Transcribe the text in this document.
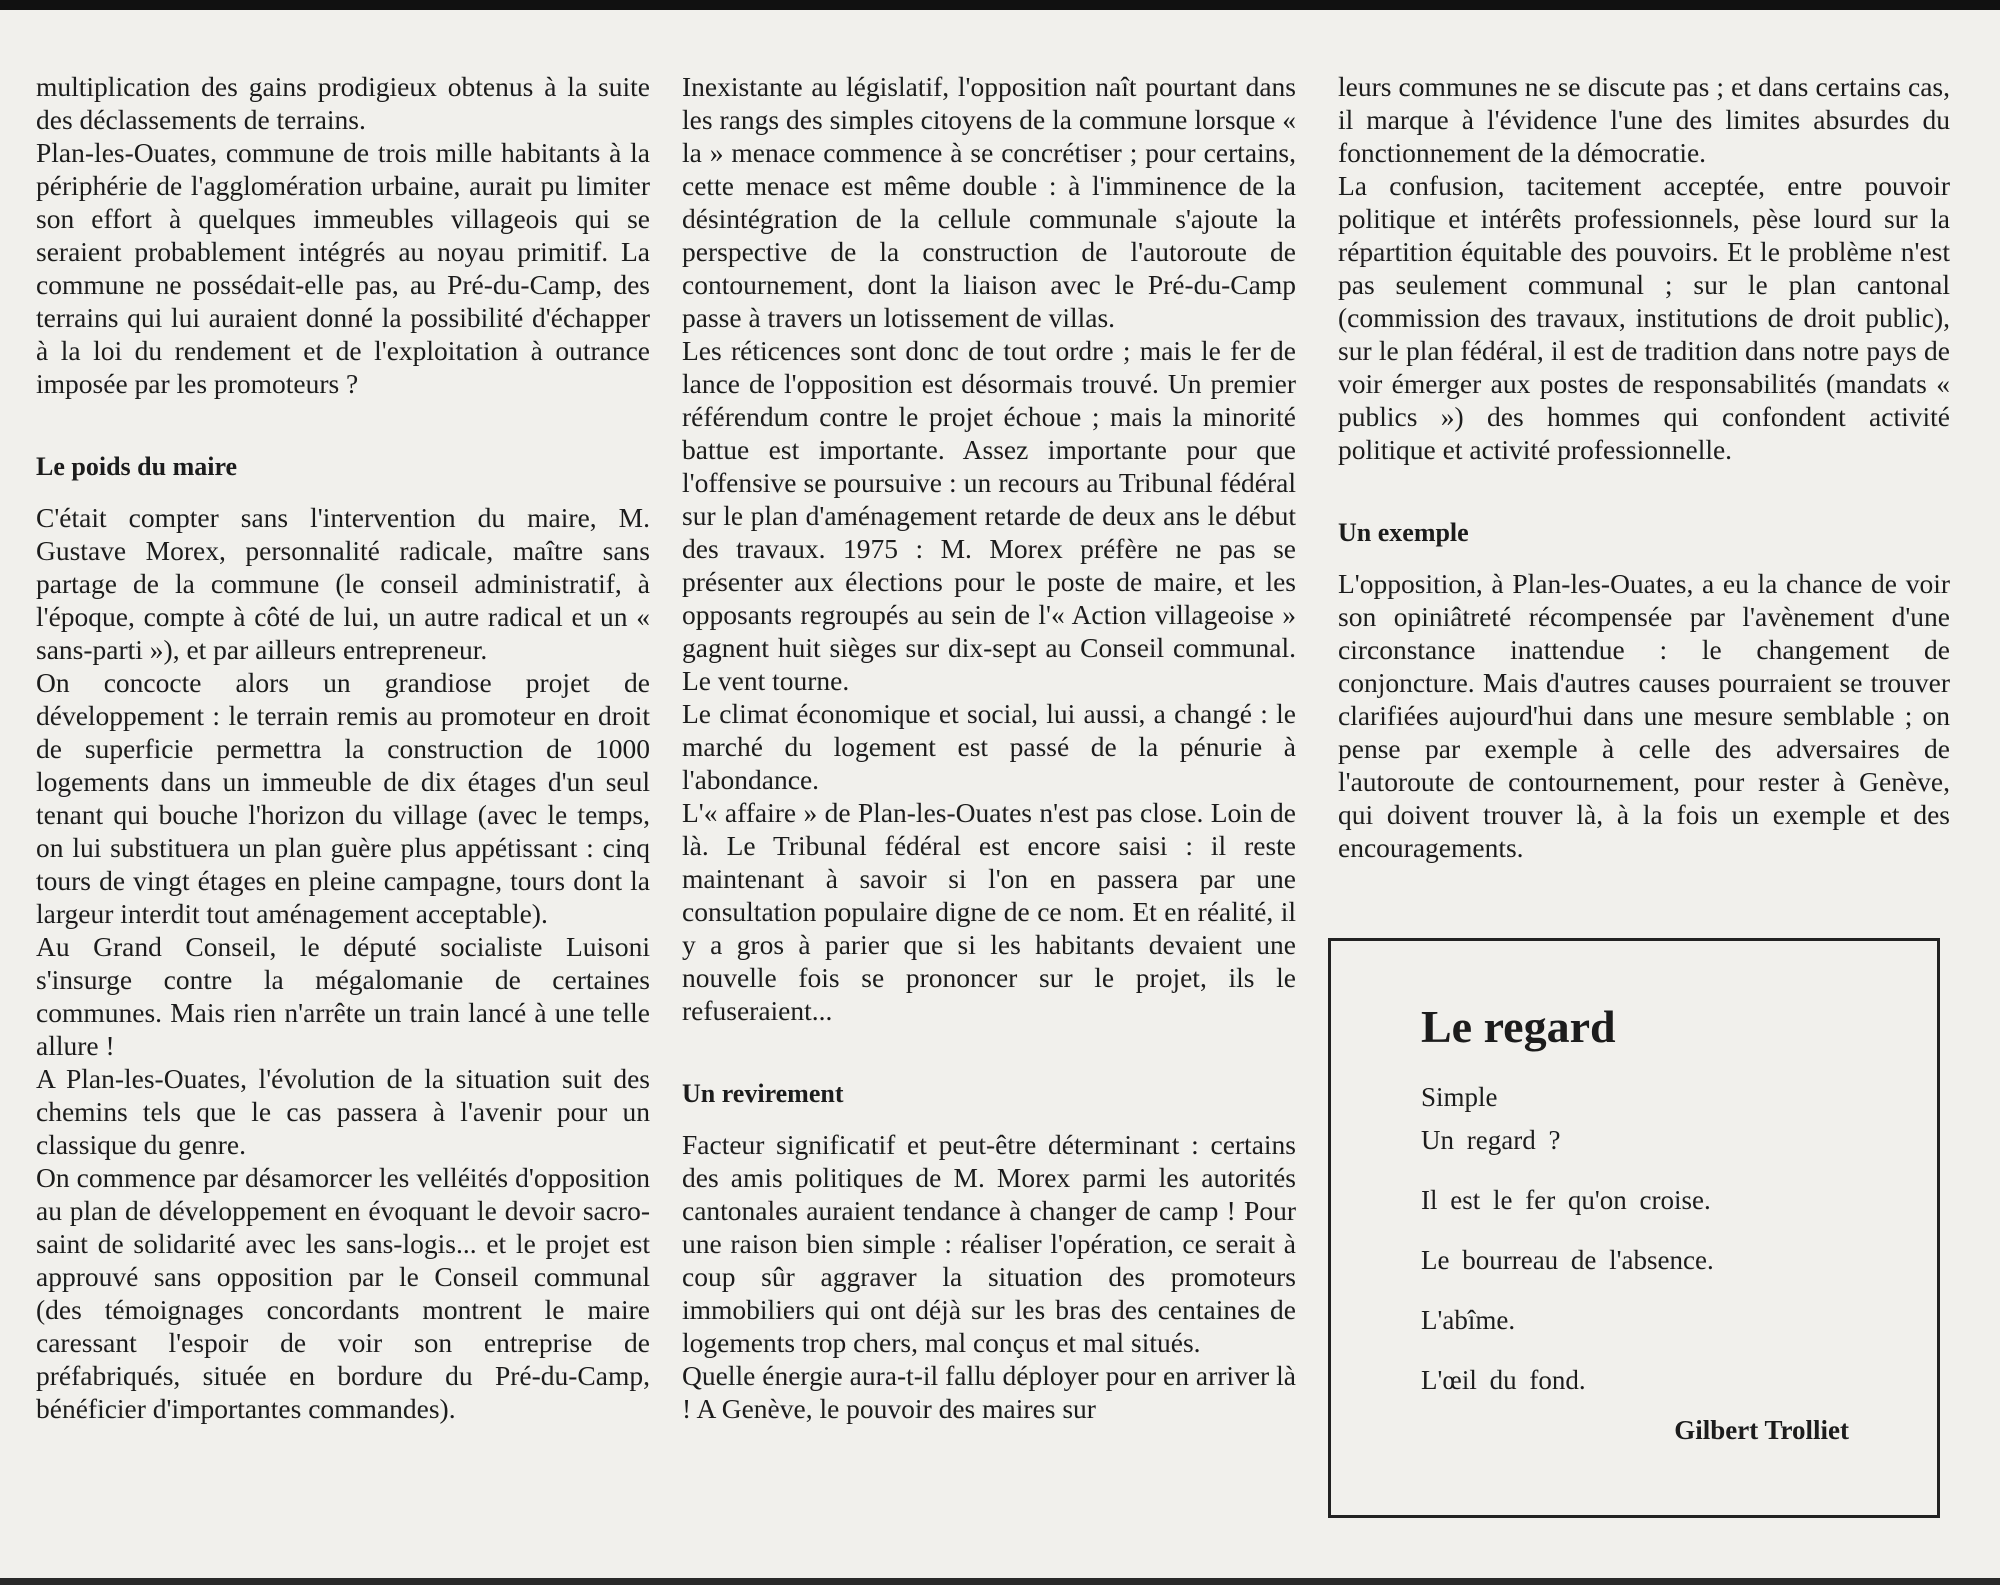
multiplication des gains prodigieux obtenus à la suite des déclassements de terrains.

Plan-les-Ouates, commune de trois mille habitants à la périphérie de l'agglomération urbaine, aurait pu limiter son effort à quelques immeubles villageois qui se seraient probablement intégrés au noyau primitif. La commune ne possédait-elle pas, au Pré-du-Camp, des terrains qui lui auraient donné la possibilité d'échapper à la loi du rendement et de l'exploitation à outrance imposée par les promoteurs ?

Le poids du maire

C'était compter sans l'intervention du maire, M. Gustave Morex, personnalité radicale, maître sans partage de la commune (le conseil administratif, à l'époque, compte à côté de lui, un autre radical et un « sans-parti »), et par ailleurs entrepreneur.

On concocte alors un grandiose projet de développement : le terrain remis au promoteur en droit de superficie permettra la construction de 1000 logements dans un immeuble de dix étages d'un seul tenant qui bouche l'horizon du village (avec le temps, on lui substituera un plan guère plus appétissant : cinq tours de vingt étages en pleine campagne, tours dont la largeur interdit tout aménagement acceptable).

Au Grand Conseil, le député socialiste Luisoni s'insurge contre la mégalomanie de certaines communes. Mais rien n'arrête un train lancé à une telle allure !

A Plan-les-Ouates, l'évolution de la situation suit des chemins tels que le cas passera à l'avenir pour un classique du genre.

On commence par désamorcer les velléités d'opposition au plan de développement en évoquant le devoir sacro-saint de solidarité avec les sans-logis... et le projet est approuvé sans opposition par le Conseil communal (des témoignages concordants montrent le maire caressant l'espoir de voir son entreprise de préfabriqués, située en bordure du Pré-du-Camp, bénéficier d'importantes commandes).

Inexistante au législatif, l'opposition naît pourtant dans les rangs des simples citoyens de la commune lorsque « la » menace commence à se concrétiser ; pour certains, cette menace est même double : à l'imminence de la désintégration de la cellule communale s'ajoute la perspective de la construction de l'autoroute de contournement, dont la liaison avec le Pré-du-Camp passe à travers un lotissement de villas.

Les réticences sont donc de tout ordre ; mais le fer de lance de l'opposition est désormais trouvé. Un premier référendum contre le projet échoue ; mais la minorité battue est importante. Assez importante pour que l'offensive se poursuive : un recours au Tribunal fédéral sur le plan d'aménagement retarde de deux ans le début des travaux. 1975 : M. Morex préfère ne pas se présenter aux élections pour le poste de maire, et les opposants regroupés au sein de l'« Action villageoise » gagnent huit sièges sur dix-sept au Conseil communal. Le vent tourne.

Le climat économique et social, lui aussi, a changé : le marché du logement est passé de la pénurie à l'abondance.

L'« affaire » de Plan-les-Ouates n'est pas close. Loin de là. Le Tribunal fédéral est encore saisi : il reste maintenant à savoir si l'on en passera par une consultation populaire digne de ce nom. Et en réalité, il y a gros à parier que si les habitants devaient une nouvelle fois se prononcer sur le projet, ils le refuseraient...

Un revirement

Facteur significatif et peut-être déterminant : certains des amis politiques de M. Morex parmi les autorités cantonales auraient tendance à changer de camp ! Pour une raison bien simple : réaliser l'opération, ce serait à coup sûr aggraver la situation des promoteurs immobiliers qui ont déjà sur les bras des centaines de logements trop chers, mal conçus et mal situés.

Quelle énergie aura-t-il fallu déployer pour en arriver là ! A Genève, le pouvoir des maires sur

leurs communes ne se discute pas ; et dans certains cas, il marque à l'évidence l'une des limites absurdes du fonctionnement de la démocratie.

La confusion, tacitement acceptée, entre pouvoir politique et intérêts professionnels, pèse lourd sur la répartition équitable des pouvoirs. Et le problème n'est pas seulement communal ; sur le plan cantonal (commission des travaux, institutions de droit public), sur le plan fédéral, il est de tradition dans notre pays de voir émerger aux postes de responsabilités (mandats « publics ») des hommes qui confondent activité politique et activité professionnelle.

Un exemple

L'opposition, à Plan-les-Ouates, a eu la chance de voir son opiniâtreté récompensée par l'avènement d'une circonstance inattendue : le changement de conjoncture. Mais d'autres causes pourraient se trouver clarifiées aujourd'hui dans une mesure semblable ; on pense par exemple à celle des adversaires de l'autoroute de contournement, pour rester à Genève, qui doivent trouver là, à la fois un exemple et des encouragements.

Le regard

Simple

Un regard ?

Il est le fer qu'on croise.

Le bourreau de l'absence.

L'abîme.

L'œil du fond.

Gilbert Trolliet
